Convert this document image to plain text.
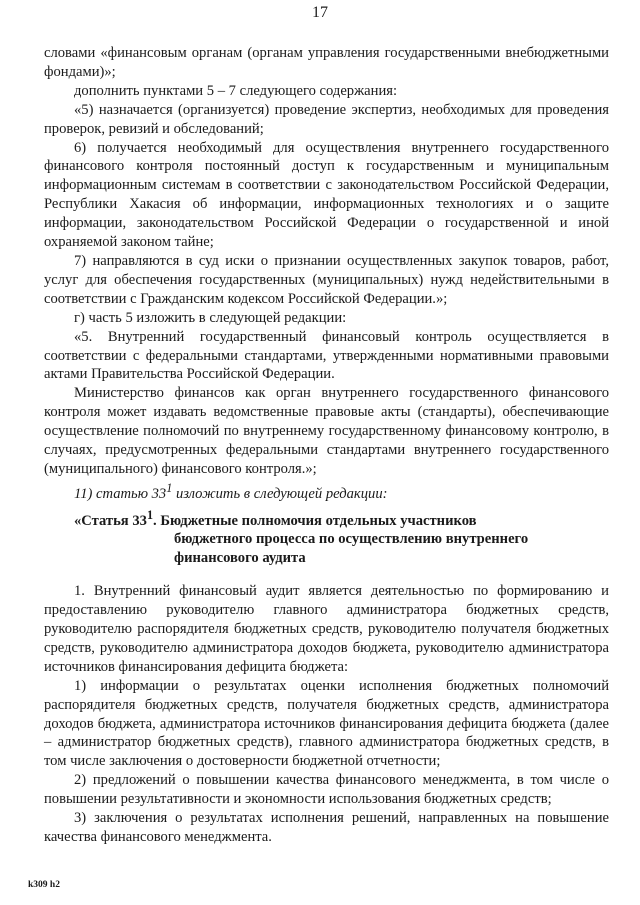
17

словами «финансовым органам (органам управления государственными внебюджетными фондами)»;

дополнить пунктами 5 – 7 следующего содержания:

«5) назначается (организуется) проведение экспертиз, необходимых для проведения проверок, ревизий и обследований;

6) получается необходимый для осуществления внутреннего государственного финансового контроля постоянный доступ к государственным и муниципальным информационным системам в соответствии с законодательством Российской Федерации, Республики Хакасия об информации, информационных технологиях и о защите информации, законодательством Российской Федерации о государственной и иной охраняемой законом тайне;

7) направляются в суд иски о признании осуществленных закупок товаров, работ, услуг для обеспечения государственных (муниципальных) нужд недействительными в соответствии с Гражданским кодексом Российской Федерации.»;

г) часть 5 изложить в следующей редакции:

«5. Внутренний государственный финансовый контроль осуществляется в соответствии с федеральными стандартами, утвержденными нормативными правовыми актами Правительства Российской Федерации.

Министерство финансов как орган внутреннего государственного финансового контроля может издавать ведомственные правовые акты (стандарты), обеспечивающие осуществление полномочий по внутреннему государственному финансовому контролю, в случаях, предусмотренных федеральными стандартами внутреннего государственного (муниципального) финансового контроля.»;

11) статью $33^1$ изложить в следующей редакции:

«Статья $33^1$. Бюджетные полномочия отдельных участников
бюджетного процесса по осуществлению внутреннего
финансового аудита

1. Внутренний финансовый аудит является деятельностью по формированию и предоставлению руководителю главного администратора бюджетных средств, руководителю распорядителя бюджетных средств, руководителю получателя бюджетных средств, руководителю администратора доходов бюджета, руководителю администратора источников финансирования дефицита бюджета:

1) информации о результатах оценки исполнения бюджетных полномочий распорядителя бюджетных средств, получателя бюджетных средств, администратора доходов бюджета, администратора источников финансирования дефицита бюджета (далее – администратор бюджетных средств), главного администратора бюджетных средств, в том числе заключения о достоверности бюджетной отчетности;

2) предложений о повышении качества финансового менеджмента, в том числе о повышении результативности и экономности использования бюджетных средств;

3) заключения о результатах исполнения решений, направленных на повышение качества финансового менеджмента.

k309 h2
